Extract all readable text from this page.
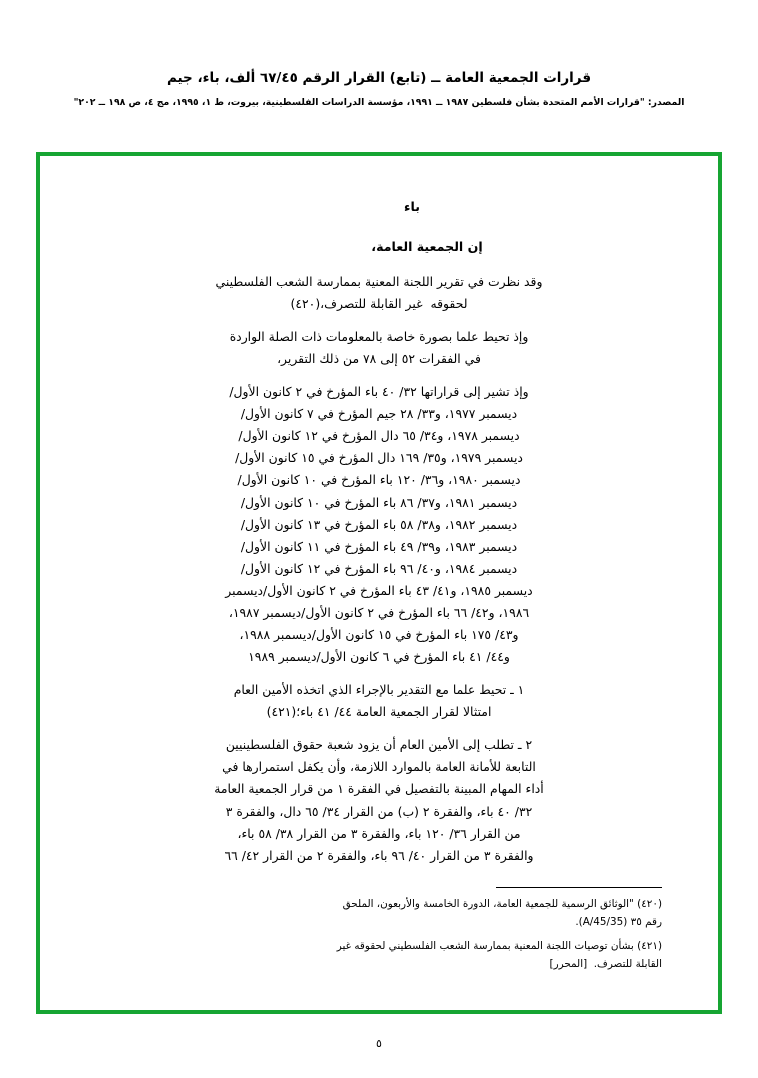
قرارات الجمعية العامة ــ (تابع) القرار الرقم ٦٧/٤٥ ألف، باء، جيم
المصدر: "قرارات الأمم المتحدة بشأن فلسطين ١٩٨٧ ــ ١٩٩١، مؤسسة الدراسات الفلسطينية، بيروت، ط ١، ١٩٩٥، مج ٤، ص ١٩٨ ــ ٢٠٢"
باء
إن الجمعية العامة،
وقد نظرت في تقرير اللجنة المعنية بممارسة الشعب الفلسطيني
لحقوقه  غير القابلة للتصرف،(٤٢٠)
وإذ تحيط علما بصورة خاصة بالمعلومات ذات الصلة الواردة
في الفقرات ٥٢ إلى ٧٨ من ذلك التقرير،
وإذ تشير إلى قراراتها ٣٢/ ٤٠ باء المؤرخ في ٢ كانون الأول/
ديسمبر ١٩٧٧، و٣٣/ ٢٨ جيم المؤرخ في ٧ كانون الأول/
ديسمبر ١٩٧٨، و٣٤/ ٦٥ دال المؤرخ في ١٢ كانون الأول/
ديسمبر ١٩٧٩، و٣٥/ ١٦٩ دال المؤرخ في ١٥ كانون الأول/
ديسمبر ١٩٨٠، و٣٦/ ١٢٠ باء المؤرخ في ١٠ كانون الأول/
ديسمبر ١٩٨١، و٣٧/ ٨٦ باء المؤرخ في ١٠ كانون الأول/
ديسمبر ١٩٨٢، و٣٨/ ٥٨ باء المؤرخ في ١٣ كانون الأول/
ديسمبر ١٩٨٣، و٣٩/ ٤٩ باء المؤرخ في ١١ كانون الأول/
ديسمبر ١٩٨٤، و٤٠/ ٩٦ باء المؤرخ في ١٢ كانون الأول/
ديسمبر ١٩٨٥، و٤١/ ٤٣ باء المؤرخ في ٢ كانون الأول/ديسمبر
١٩٨٦، و٤٢/ ٦٦ باء المؤرخ في ٢ كانون الأول/ديسمبر ١٩٨٧،
و٤٣/ ١٧٥ باء المؤرخ في ١٥ كانون الأول/ديسمبر ١٩٨٨،
و٤٤/ ٤١ باء المؤرخ في ٦ كانون الأول/ديسمبر ١٩٨٩
١ ـ تحيط علما مع التقدير بالإجراء الذي اتخذه الأمين العام
امتثالا لقرار الجمعية العامة ٤٤/ ٤١ باء؛(٤٢١)
٢ ـ تطلب إلى الأمين العام أن يزود شعبة حقوق الفلسطينيين
التابعة للأمانة العامة بالموارد اللازمة، وأن يكفل استمرارها في
أداء المهام المبينة بالتفصيل في الفقرة ١ من قرار الجمعية العامة
٣٢/ ٤٠ باء، والفقرة ٢ (ب) من القرار ٣٤/ ٦٥ دال، والفقرة ٣
من القرار ٣٦/ ١٢٠ باء، والفقرة ٣ من القرار ٣٨/ ٥٨ باء،
والفقرة ٣ من القرار ٤٠/ ٩٦ باء، والفقرة ٢ من القرار ٤٢/ ٦٦
(٤٢٠) "الوثائق الرسمية للجمعية العامة، الدورة الخامسة والأربعون، الملحق
رقم ٣٥ (A/45/35).
(٤٢١) بشأن توصيات اللجنة المعنية بممارسة الشعب الفلسطيني لحقوقه غير
القابلة للتصرف.  [المحرر]
٥
